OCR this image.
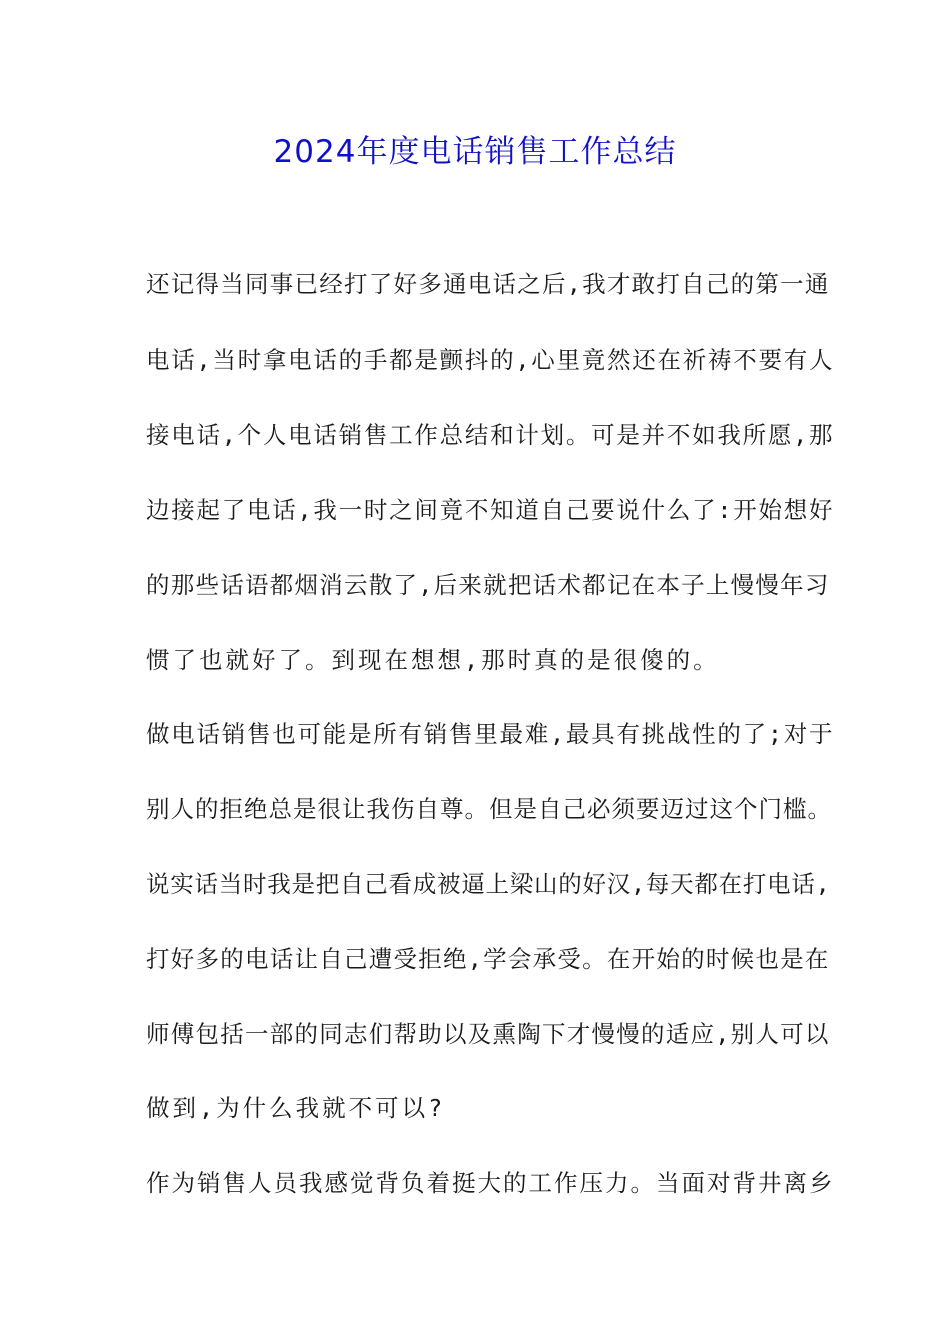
2024年度电话销售工作总结
还记得当同事已经打了好多通电话之后,我才敢打自己的第一通
电话,当时拿电话的手都是颤抖的,心里竟然还在祈祷不要有人
接电话,个人电话销售工作总结和计划。可是并不如我所愿,那
边接起了电话,我一时之间竟不知道自己要说什么了:开始想好
的那些话语都烟消云散了,后来就把话术都记在本子上慢慢年习
惯了也就好了。到现在想想,那时真的是很傻的。
做电话销售也可能是所有销售里最难,最具有挑战性的了;对于
别人的拒绝总是很让我伤自尊。但是自己必须要迈过这个门槛。
说实话当时我是把自己看成被逼上梁山的好汉,每天都在打电话,
打好多的电话让自己遭受拒绝,学会承受。在开始的时候也是在
师傅包括一部的同志们帮助以及熏陶下才慢慢的适应,别人可以
做到,为什么我就不可以?
作为销售人员我感觉背负着挺大的工作压力。当面对背井离乡
